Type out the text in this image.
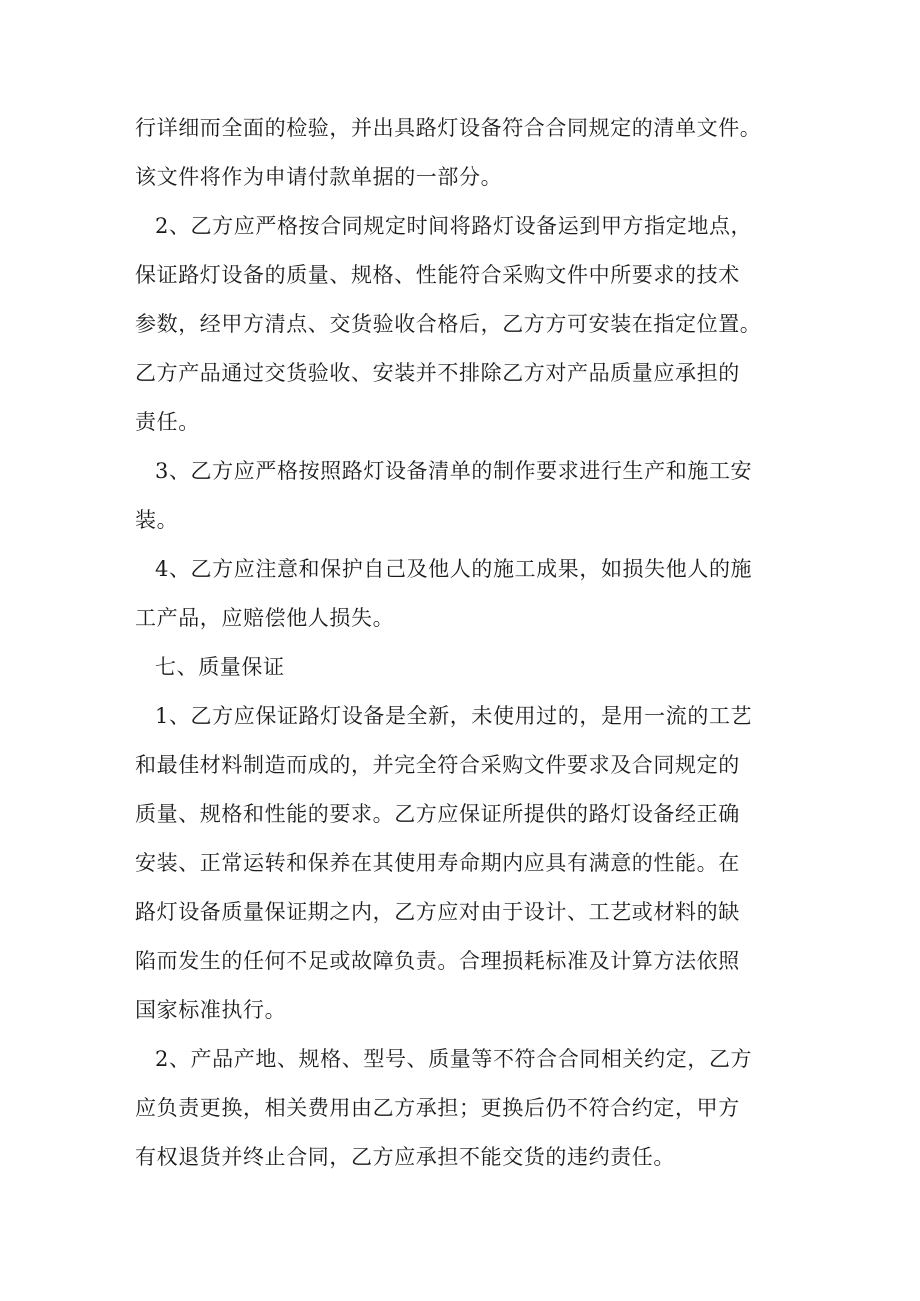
行详细而全面的检验，并出具路灯设备符合合同规定的清单文件。
该文件将作为申请付款单据的一部分。
2、乙方应严格按合同规定时间将路灯设备运到甲方指定地点，
保证路灯设备的质量、规格、性能符合采购文件中所要求的技术
参数，经甲方清点、交货验收合格后，乙方方可安装在指定位置。
乙方产品通过交货验收、安装并不排除乙方对产品质量应承担的
责任。
3、乙方应严格按照路灯设备清单的制作要求进行生产和施工安
装。
4、乙方应注意和保护自己及他人的施工成果，如损失他人的施
工产品，应赔偿他人损失。
七、质量保证
1、乙方应保证路灯设备是全新，未使用过的，是用一流的工艺
和最佳材料制造而成的，并完全符合采购文件要求及合同规定的
质量、规格和性能的要求。乙方应保证所提供的路灯设备经正确
安装、正常运转和保养在其使用寿命期内应具有满意的性能。在
路灯设备质量保证期之内，乙方应对由于设计、工艺或材料的缺
陷而发生的任何不足或故障负责。合理损耗标准及计算方法依照
国家标准执行。
2、产品产地、规格、型号、质量等不符合合同相关约定，乙方
应负责更换，相关费用由乙方承担；更换后仍不符合约定，甲方
有权退货并终止合同，乙方应承担不能交货的违约责任。
